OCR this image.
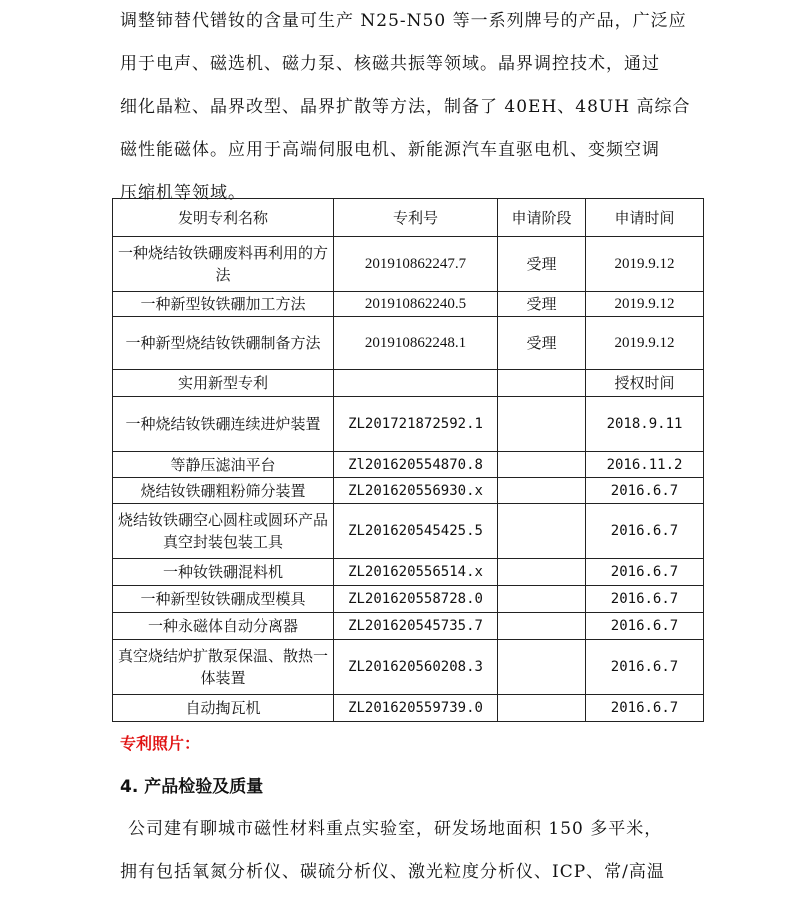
调整铈替代镨钕的含量可生产 N25-N50 等一系列牌号的产品，广泛应
用于电声、磁选机、磁力泵、核磁共振等领域。晶界调控技术，通过
细化晶粒、晶界改型、晶界扩散等方法，制备了 40EH、48UH 高综合
磁性能磁体。应用于高端伺服电机、新能源汽车直驱电机、变频空调
压缩机等领域。
发明专利名称	专利号	申请阶段	申请时间
一种烧结钕铁硼废料再利用的方法	201910862247.7	受理	2019.9.12
一种新型钕铁硼加工方法	201910862240.5	受理	2019.9.12
一种新型烧结钕铁硼制备方法	201910862248.1	受理	2019.9.12
实用新型专利			授权时间
一种烧结钕铁硼连续进炉装置	ZL201721872592.1		2018.9.11
等静压滤油平台	Zl201620554870.8		2016.11.2
烧结钕铁硼粗粉筛分装置	ZL201620556930.x		2016.6.7
烧结钕铁硼空心圆柱或圆环产品真空封装包装工具	ZL201620545425.5		2016.6.7
一种钕铁硼混料机	ZL201620556514.x		2016.6.7
一种新型钕铁硼成型模具	ZL201620558728.0		2016.6.7
一种永磁体自动分离器	ZL201620545735.7		2016.6.7
真空烧结炉扩散泵保温、散热一体装置	ZL201620560208.3		2016.6.7
自动掏瓦机	ZL201620559739.0		2016.6.7
专利照片：
4. 产品检验及质量
公司建有聊城市磁性材料重点实验室，研发场地面积 150 多平米，
拥有包括氧氮分析仪、碳硫分析仪、激光粒度分析仪、ICP、常/高温
